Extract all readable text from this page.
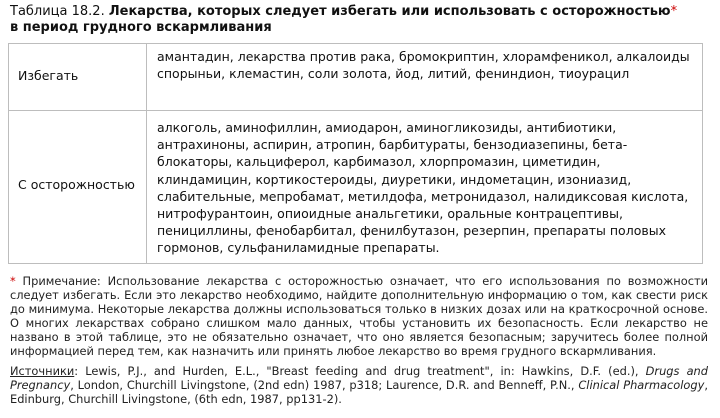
Таблица 18.2. Лекарства, которых следует избегать или использовать с осторожностью*
в период грудного вскармливания
Избегать
амантадин, лекарства против рака, бромокриптин, хлорамфеникол, алкалоиды спорыньи, клемастин, соли золота, йод, литий, фениндион, тиоурацил
С осторожностью
алкоголь, аминофиллин, амиодарон, аминогликозиды, антибиотики, антрахиноны, аспирин, атропин, барбитураты, бензодиазепины, бета-блокаторы, кальциферол, карбимазол, хлорпромазин, циметидин, клиндамицин, кортикостероиды, диуретики, индометацин, изониазид, слабительные, мепробамат, метилдофа, метронидазол, налидиксовая кислота, нитрофурантоин, опиоидные анальгетики, оральные контрацептивы, пенициллины, фенобарбитал, фенилбутазон, резерпин, препараты половых гормонов, сульфаниламидные препараты.
* Примечание: Использование лекарства с осторожностью означает, что его использования по возможности следует избегать. Если это лекарство необходимо, найдите дополнительную информацию о том, как свести риск до минимума. Некоторые лекарства должны использоваться только в низких дозах или на краткосрочной основе. О многих лекарствах собрано слишком мало данных, чтобы установить их безопасность. Если лекарство не названо в этой таблице, это не обязательно означает, что оно является безопасным; заручитесь более полной информацией перед тем, как назначить или принять любое лекарство во время грудного вскармливания.
Источники: Lewis, P.J., and Hurden, E.L., "Breast feeding and drug treatment", in: Hawkins, D.F. (ed.), Drugs and Pregnancy, London, Churchill Livingstone, (2nd edn) 1987, p318; Laurence, D.R. and Benneff, P.N., Clinical Pharmacology, Edinburg, Churchill Livingstone, (6th edn, 1987, pp131-2).
